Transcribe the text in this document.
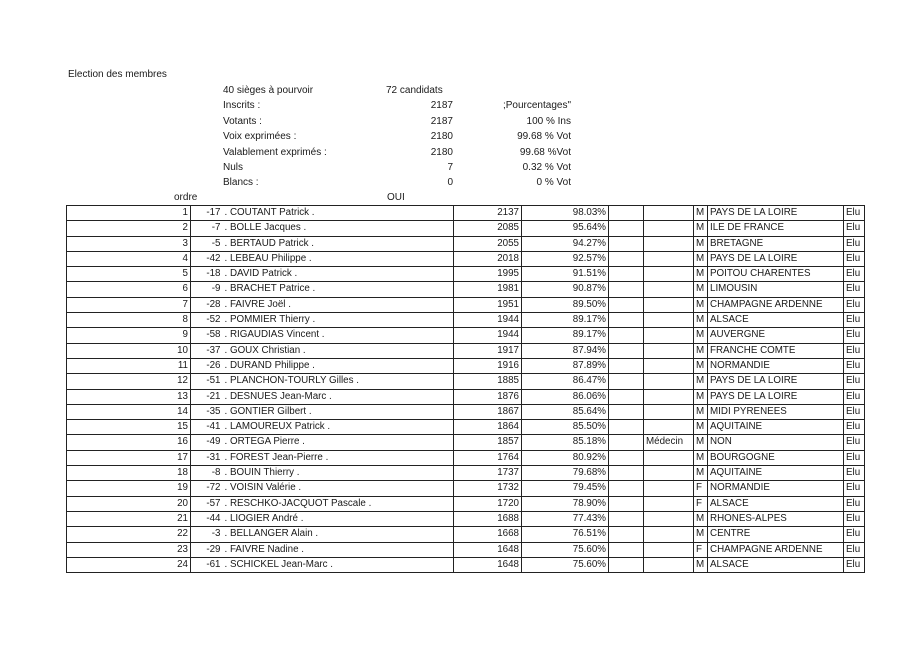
Election des membres
40 sièges à pourvoir	72 candidats
Inscrits :	2187	;Pourcentages"
Votants :	2187	100 % Ins
Voix exprimées :	2180	99.68 % Vot
Valablement exprimés :	2180	99.68 %Vot
Nuls	7	0.32 % Vot
Blancs :	0	0 % Vot
ordre	OUI
1	-17	. COUTANT Patrick .	2137	98.03%			M	PAYS DE LA LOIRE	Elu
2	-7	. BOLLE Jacques .	2085	95.64%			M	ILE DE FRANCE	Elu
3	-5	. BERTAUD Patrick .	2055	94.27%			M	BRETAGNE	Elu
4	-42	. LEBEAU Philippe .	2018	92.57%			M	PAYS DE LA LOIRE	Elu
5	-18	. DAVID Patrick .	1995	91.51%			M	POITOU CHARENTES	Elu
6	-9	. BRACHET Patrice .	1981	90.87%			M	LIMOUSIN	Elu
7	-28	. FAIVRE Joël .	1951	89.50%			M	CHAMPAGNE ARDENNE	Elu
8	-52	. POMMIER Thierry .	1944	89.17%			M	ALSACE	Elu
9	-58	. RIGAUDIAS Vincent .	1944	89.17%			M	AUVERGNE	Elu
10	-37	. GOUX Christian .	1917	87.94%			M	FRANCHE COMTE	Elu
11	-26	. DURAND Philippe .	1916	87.89%			M	NORMANDIE	Elu
12	-51	. PLANCHON-TOURLY Gilles .	1885	86.47%			M	PAYS DE LA LOIRE	Elu
13	-21	. DESNUES Jean-Marc .	1876	86.06%			M	PAYS DE LA LOIRE	Elu
14	-35	. GONTIER Gilbert .	1867	85.64%			M	MIDI PYRENEES	Elu
15	-41	. LAMOUREUX Patrick .	1864	85.50%			M	AQUITAINE	Elu
16	-49	. ORTEGA Pierre .	1857	85.18%		Médecin	M	NON	Elu
17	-31	. FOREST Jean-Pierre .	1764	80.92%			M	BOURGOGNE	Elu
18	-8	. BOUIN Thierry .	1737	79.68%			M	AQUITAINE	Elu
19	-72	. VOISIN Valérie .	1732	79.45%			F	NORMANDIE	Elu
20	-57	. RESCHKO-JACQUOT Pascale .	1720	78.90%			F	ALSACE	Elu
21	-44	. LIOGIER André .	1688	77.43%			M	RHONES-ALPES	Elu
22	-3	. BELLANGER Alain .	1668	76.51%			M	CENTRE	Elu
23	-29	. FAIVRE Nadine .	1648	75.60%			F	CHAMPAGNE ARDENNE	Elu
24	-61	. SCHICKEL Jean-Marc .	1648	75.60%			M	ALSACE	Elu
